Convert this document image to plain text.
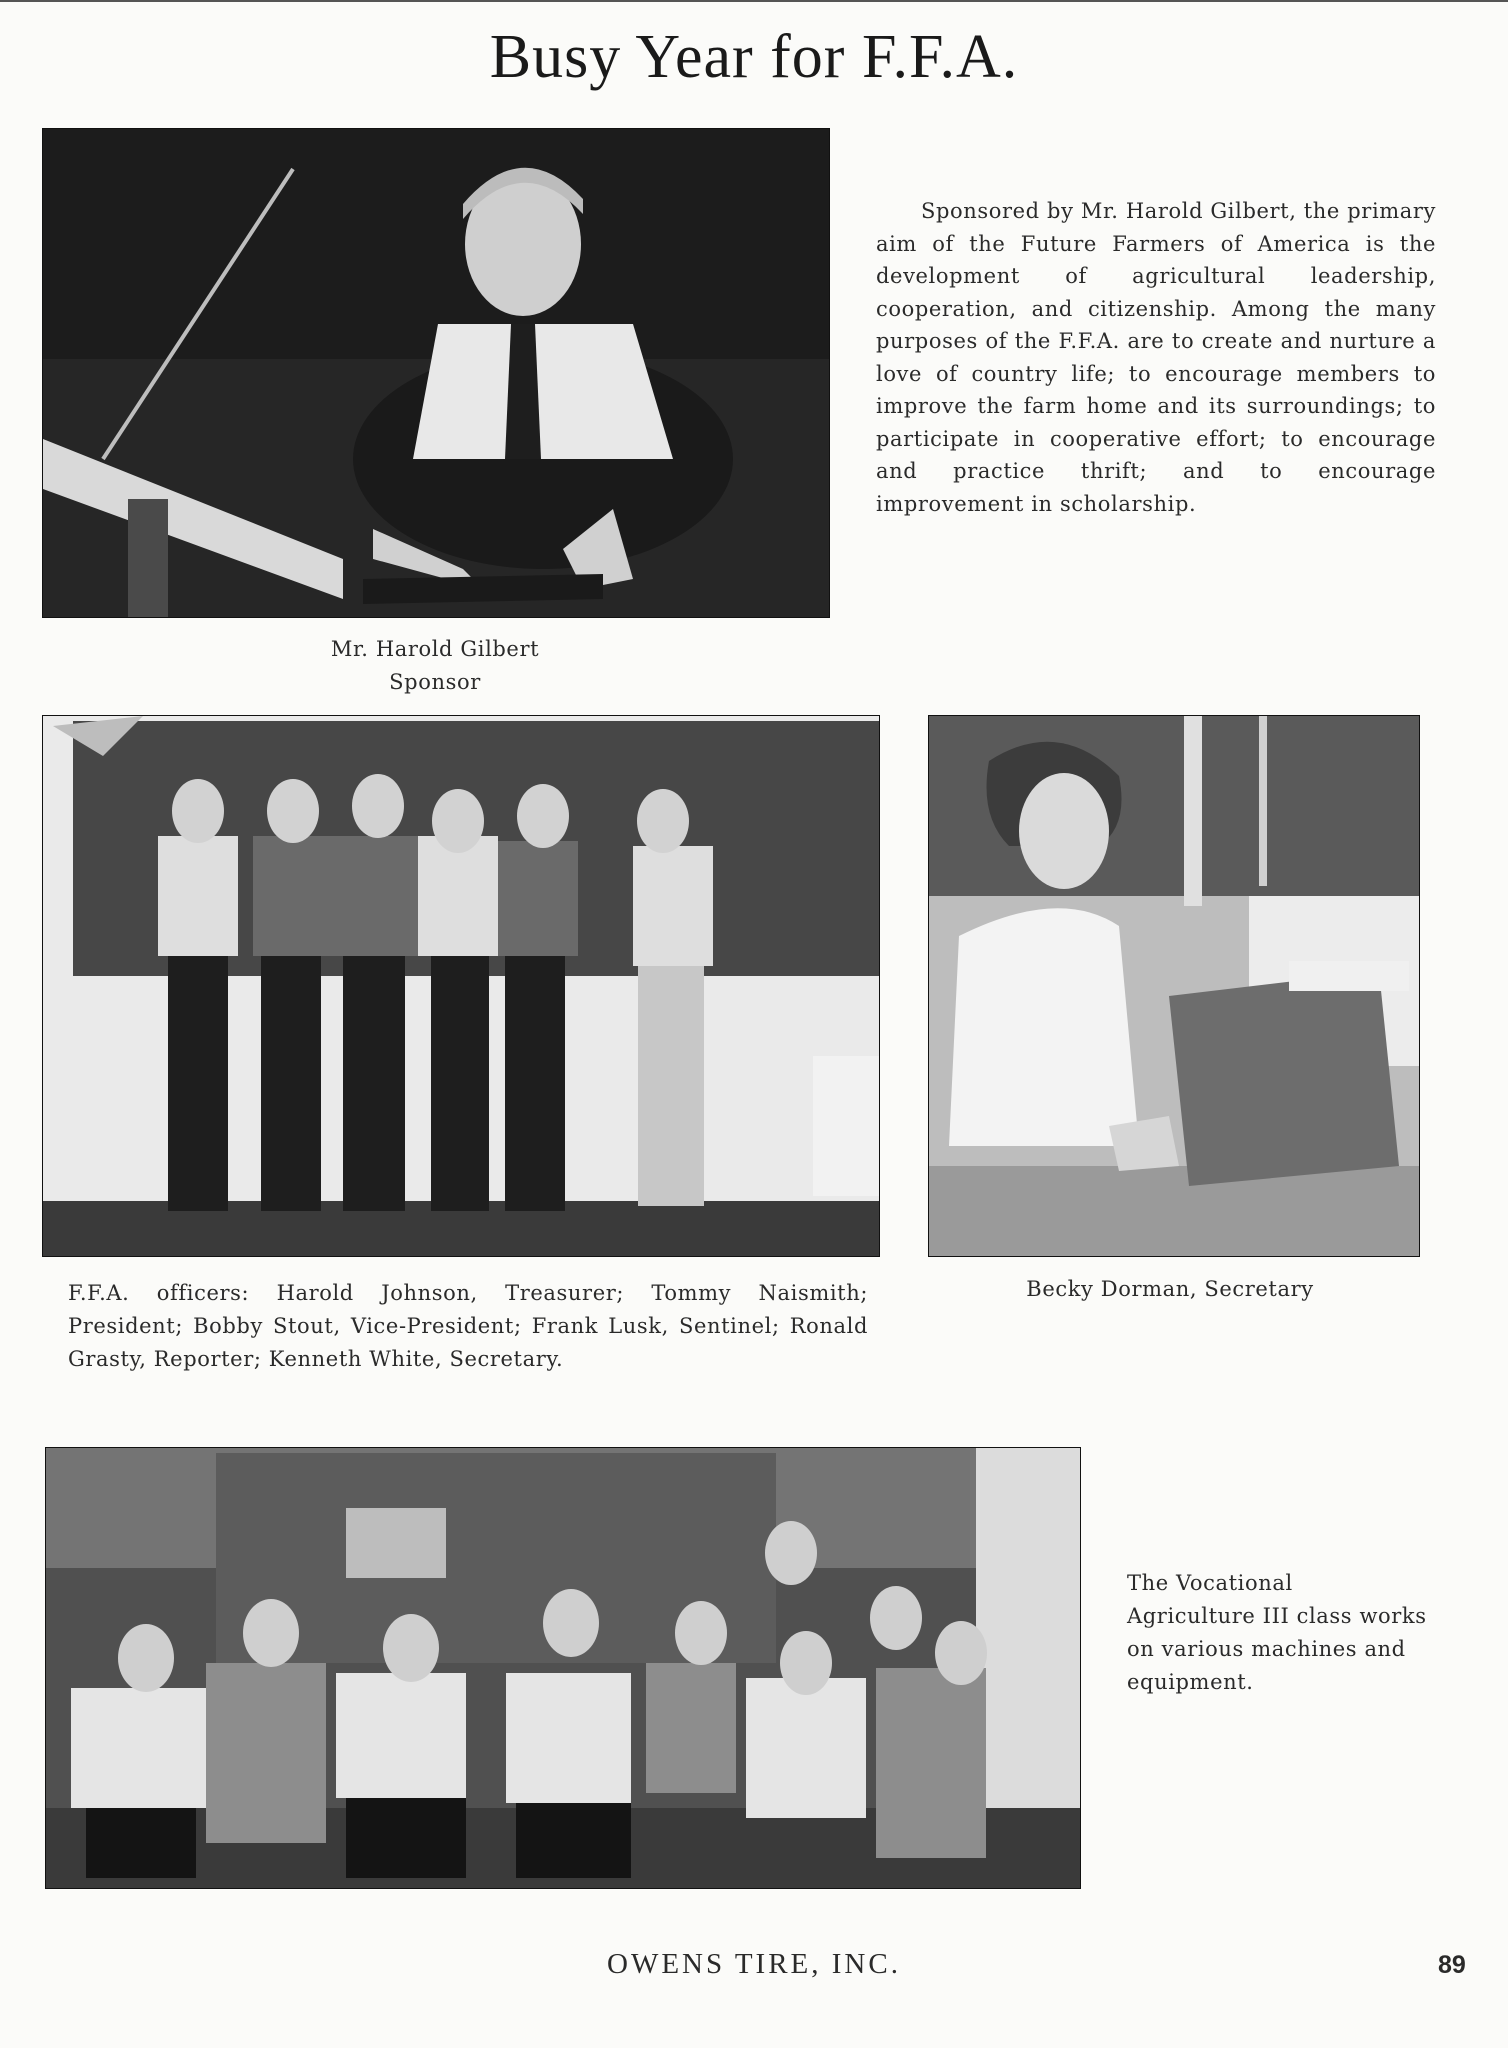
Busy Year for F.F.A.
Sponsored by Mr. Harold Gilbert, the primary aim of the Future Farmers of America is the development of agricultural leadership, cooperation, and citizenship. Among the many purposes of the F.F.A. are to create and nurture a love of country life; to encourage members to improve the farm home and its surroundings; to participate in cooperative effort; to encourage and practice thrift; and to encourage improvement in scholarship.
Mr. Harold Gilbert
Sponsor
F.F.A. officers: Harold Johnson, Treasurer; Tommy Naismith; President; Bobby Stout, Vice-President; Frank Lusk, Sentinel; Ronald Grasty, Reporter; Kenneth White, Secretary.
Becky Dorman, Secretary
The Vocational Agriculture III class works on various machines and equipment.
OWENS TIRE, INC.	89
